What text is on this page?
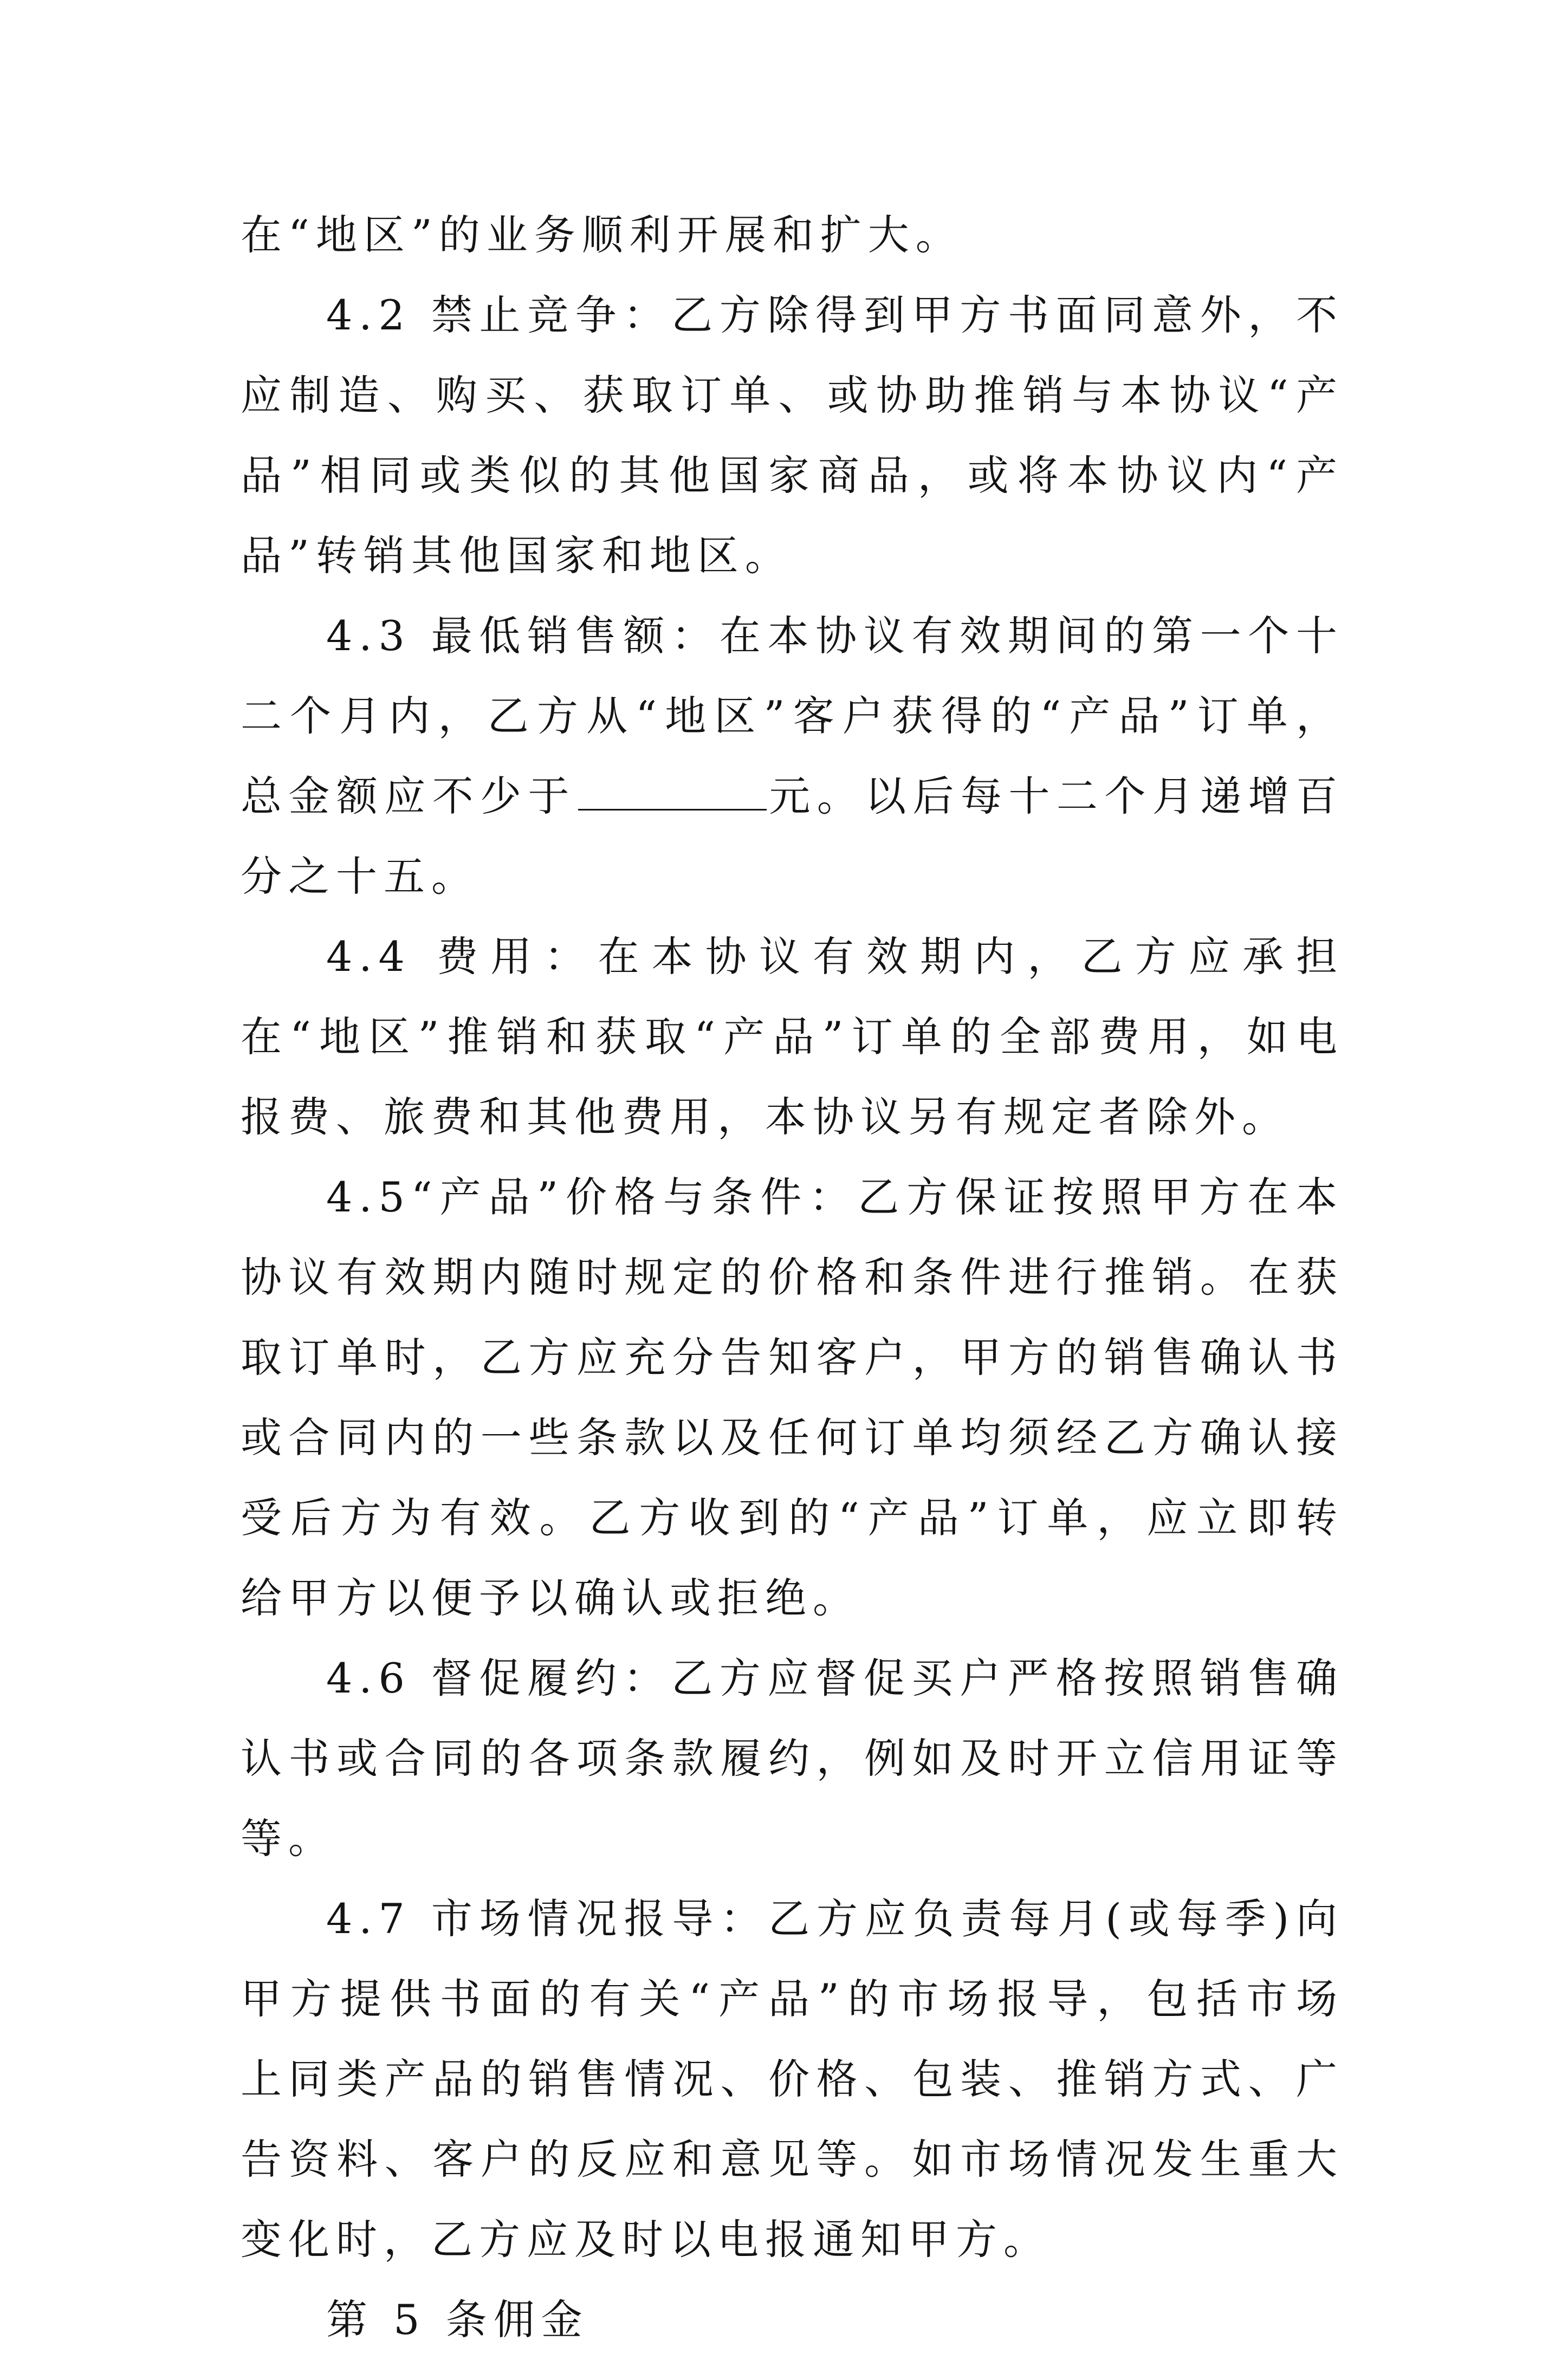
在“地区”的业务顺利开展和扩大。

4.2 禁止竞争：乙方除得到甲方书面同意外，不应制造、购买、获取订单、或协助推销与本协议“产品”相同或类似的其他国家商品，或将本协议内“产品”转销其他国家和地区。

4.3 最低销售额：在本协议有效期间的第一个十二个月内，乙方从“地区”客户获得的“产品”订单，总金额应不少于	元。以后每十二个月递增百分之十五。

4.4 费用：在本协议有效期内，乙方应承担在“地区”推销和获取“产品”订单的全部费用，如电报费、旅费和其他费用，本协议另有规定者除外。

4.5“产品”价格与条件：乙方保证按照甲方在本协议有效期内随时规定的价格和条件进行推销。在获取订单时，乙方应充分告知客户，甲方的销售确认书或合同内的一些条款以及任何订单均须经乙方确认接受后方为有效。乙方收到的“产品”订单，应立即转给甲方以便予以确认或拒绝。

4.6 督促履约：乙方应督促买户严格按照销售确认书或合同的各项条款履约，例如及时开立信用证等等。

4.7 市场情况报导：乙方应负责每月(或每季)向甲方提供书面的有关“产品”的市场报导，包括市场上同类产品的销售情况、价格、包装、推销方式、广告资料、客户的反应和意见等。如市场情况发生重大变化时，乙方应及时以电报通知甲方。

第 5 条佣金
